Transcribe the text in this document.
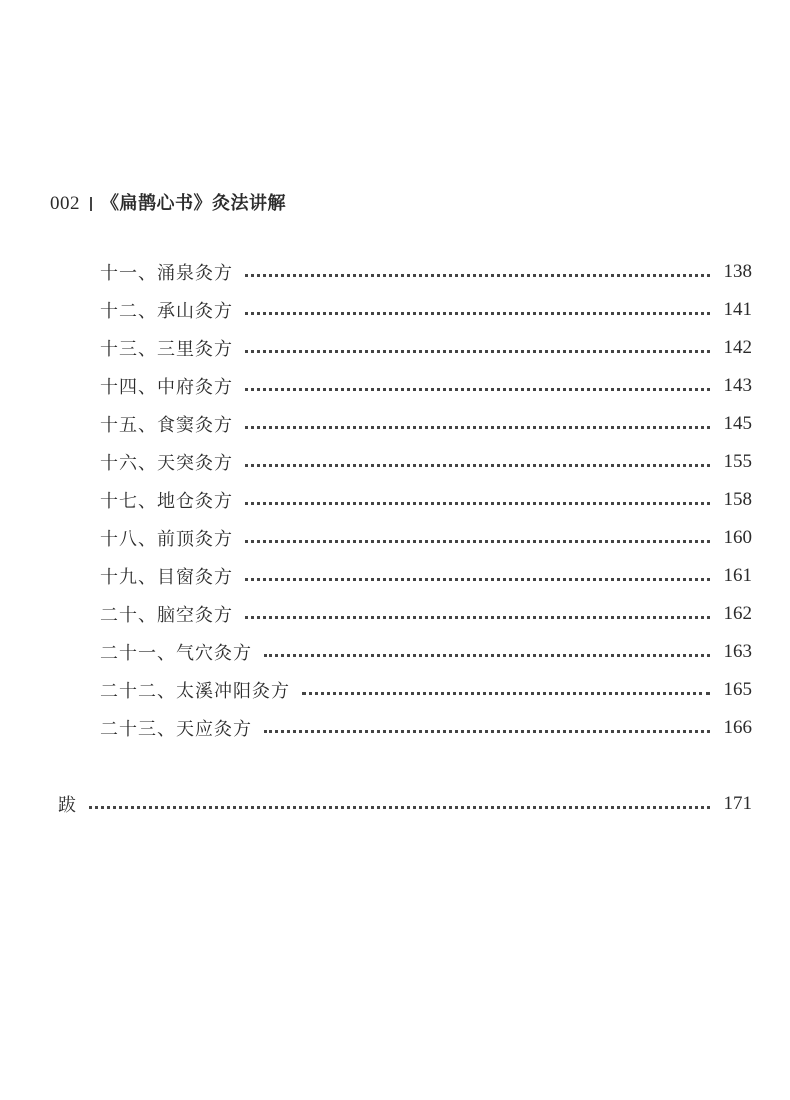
002 《扁鹊心书》灸法讲解
十一、涌泉灸方	138
十二、承山灸方	141
十三、三里灸方	142
十四、中府灸方	143
十五、食窦灸方	145
十六、天突灸方	155
十七、地仓灸方	158
十八、前顶灸方	160
十九、目窗灸方	161
二十、脑空灸方	162
二十一、气穴灸方	163
二十二、太溪冲阳灸方	165
二十三、天应灸方	166
跋	171
